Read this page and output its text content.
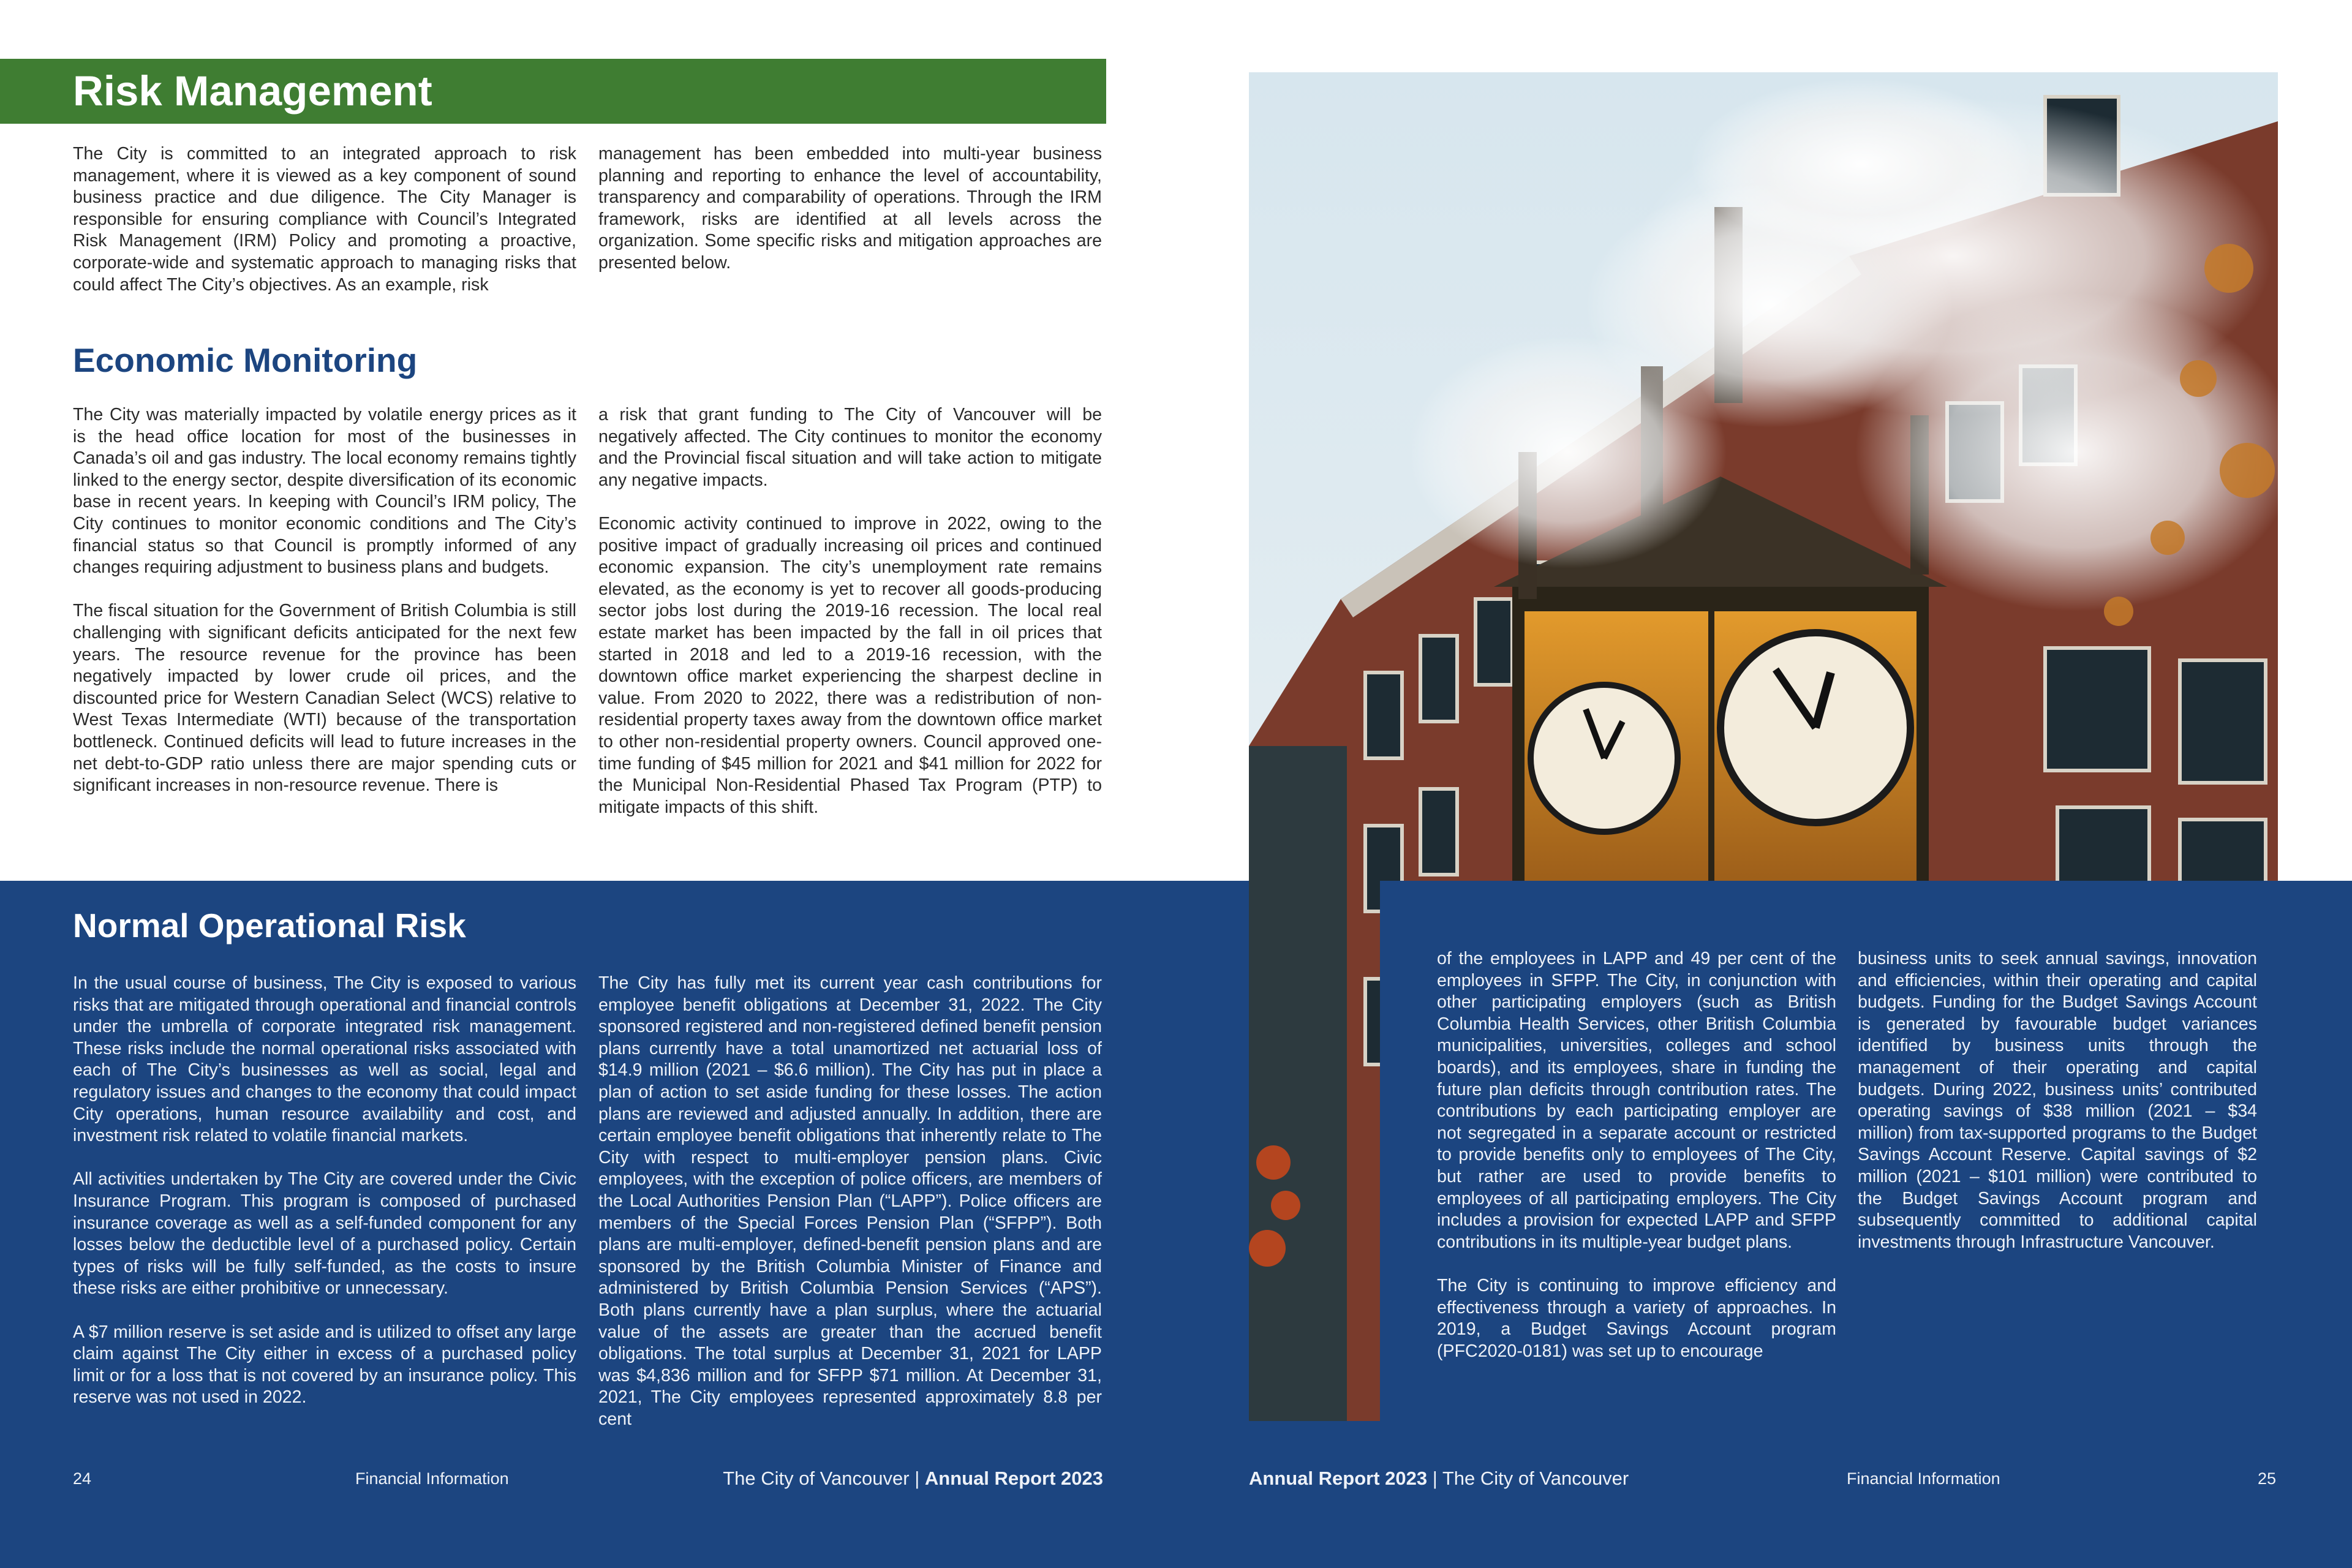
Risk Management
Economic Monitoring
Normal Operational Risk

The City is committed to an integrated approach to risk management, where it is viewed as a key component of sound business practice and due diligence. The City Manager is responsible for ensuring compliance with Council’s Integrated Risk Management (IRM) Policy and promoting a proactive, corporate-wide and systematic approach to managing risks that could affect The City’s objectives. As an example, risk

management has been embedded into multi-year business planning and reporting to enhance the level of accountability, transparency and comparability of operations. Through the IRM framework, risks are identified at all levels across the organization. Some specific risks and mitigation approaches are presented below.

The City was materially impacted by volatile energy prices as it is the head office location for most of the businesses in Canada’s oil and gas industry. The local economy remains tightly linked to the energy sector, despite diversification of its economic base in recent years. In keeping with Council’s IRM policy, The City continues to monitor economic conditions and The City’s financial status so that Council is promptly informed of any changes requiring adjustment to business plans and budgets.

The fiscal situation for the Government of British Columbia is still challenging with significant deficits anticipated for the next few years. The resource revenue for the province has been negatively impacted by lower crude oil prices, and the discounted price for Western Canadian Select (WCS) relative to West Texas Intermediate (WTI) because of the transportation bottleneck. Continued deficits will lead to future increases in the net debt-to-GDP ratio unless there are major spending cuts or significant increases in non-resource revenue. There is

a risk that grant funding to The City of Vancouver will be negatively affected. The City continues to monitor the economy and the Provincial fiscal situation and will take action to mitigate any negative impacts.

Economic activity continued to improve in 2022, owing to the positive impact of gradually increasing oil prices and continued economic expansion. The city’s unemployment rate remains elevated, as the economy is yet to recover all goods-producing sector jobs lost during the 2019-16 recession. The local real estate market has been impacted by the fall in oil prices that started in 2018 and led to a 2019-16 recession, with the downtown office market experiencing the sharpest decline in value. From 2020 to 2022, there was a redistribution of non-residential property taxes away from the downtown office market to other non-residential property owners. Council approved one-time funding of $45 million for 2021 and $41 million for 2022 for the Municipal Non-Residential Phased Tax Program (PTP) to mitigate impacts of this shift.

In the usual course of business, The City is exposed to various risks that are mitigated through operational and financial controls under the umbrella of corporate integrated risk management. These risks include the normal operational risks associated with each of The City’s businesses as well as social, legal and regulatory issues and changes to the economy that could impact City operations, human resource availability and cost, and investment risk related to volatile financial markets.

All activities undertaken by The City are covered under the Civic Insurance Program. This program is composed of purchased insurance coverage as well as a self-funded component for any losses below the deductible level of a purchased policy. Certain types of risks will be fully self-funded, as the costs to insure these risks are either prohibitive or unnecessary.

A $7 million reserve is set aside and is utilized to offset any large claim against The City either in excess of a purchased policy limit or for a loss that is not covered by an insurance policy. This reserve was not used in 2022.

The City has fully met its current year cash contributions for employee benefit obligations at December 31, 2022. The City sponsored registered and non-registered defined benefit pension plans currently have a total unamortized net actuarial loss of $14.9 million (2021 – $6.6 million). The City has put in place a plan of action to set aside funding for these losses. The action plans are reviewed and adjusted annually. In addition, there are certain employee benefit obligations that inherently relate to The City with respect to multi-employer pension plans. Civic employees, with the exception of police officers, are members of the Local Authorities Pension Plan (“LAPP”). Police officers are members of the Special Forces Pension Plan (“SFPP”). Both plans are multi-employer, defined-benefit pension plans and are sponsored by the British Columbia Minister of Finance and administered by British Columbia Pension Services (“APS”). Both plans currently have a plan surplus, where the actuarial value of the assets are greater than the accrued benefit obligations. The total surplus at December 31, 2021 for LAPP was $4,836 million and for SFPP $71 million. At December 31, 2021, The City employees represented approximately 8.8 per cent

of the employees in LAPP and 49 per cent of the employees in SFPP. The City, in conjunction with other participating employers (such as British Columbia Health Services, other British Columbia municipalities, universities, colleges and school boards), and its employees, share in funding the future plan deficits through contribution rates. The contributions by each participating employer are not segregated in a separate account or restricted to provide benefits only to employees of The City, but rather are used to provide benefits to employees of all participating employers. The City includes a provision for expected LAPP and SFPP contributions in its multiple-year budget plans.

The City is continuing to improve efficiency and effectiveness through a variety of approaches. In 2019, a Budget Savings Account program (PFC2020-0181) was set up to encourage

business units to seek annual savings, innovation and efficiencies, within their operating and capital budgets. Funding for the Budget Savings Account is generated by favourable budget variances identified by business units through the management of their operating and capital budgets. During 2022, business units’ contributed operating savings of $38 million (2021 – $34 million) from tax-supported programs to the Budget Savings Account Reserve. Capital savings of $2 million (2021 – $101 million) were contributed to the Budget Savings Account program and subsequently committed to additional capital investments through Infrastructure Vancouver.

24	Financial Information	The City of Vancouver | Annual Report 2023	Annual Report 2023 | The City of Vancouver	Financial Information	25
